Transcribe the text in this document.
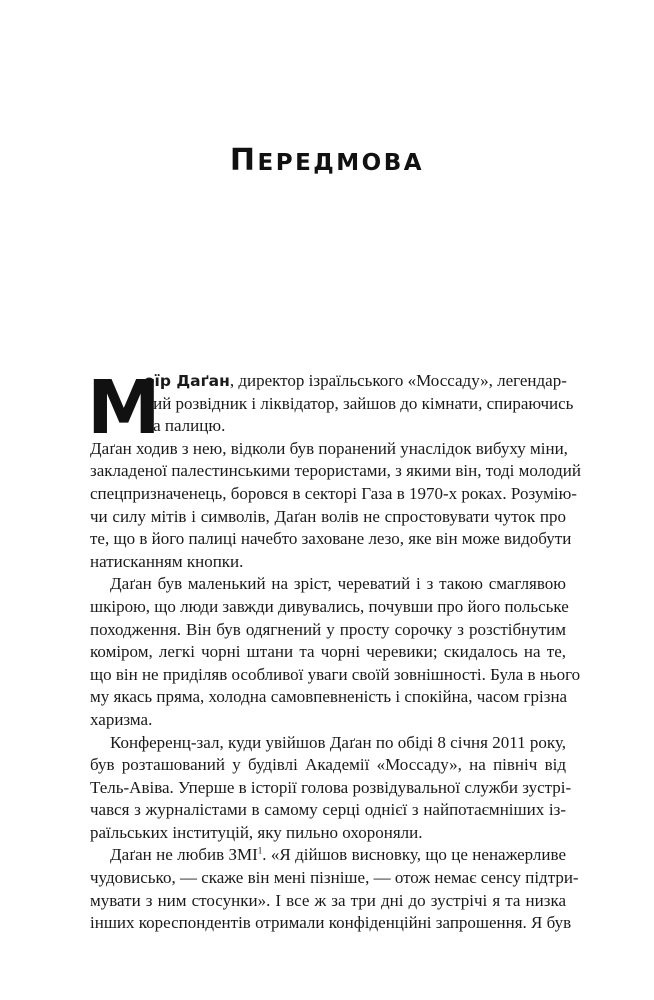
ПЕРЕДМОВА
М
еїр Даґан, директор ізраїльського «Моссаду», легендар-
ний розвідник і ліквідатор, зайшов до кімнати, спираючись
на палицю.
Даґан ходив з нею, відколи був поранений унаслідок вибуху міни,
закладеної палестинськими терористами, з якими він, тоді молодий
спецпризначенець, боровся в секторі Газа в 1970-х роках. Розумію-
чи силу мітів і символів, Даґан волів не спростовувати чуток про
те, що в його палиці начебто заховане лезо, яке він може видобути
натисканням кнопки.
Даґан був маленький на зріст, череватий і з такою смаглявою
шкірою, що люди завжди дивувались, почувши про його польське
походження. Він був одягнений у просту сорочку з розстібнутим
коміром, легкі чорні штани та чорні черевики; скидалось на те,
що він не приділяв особливої уваги своїй зовнішності. Була в нього
му якась пряма, холодна самовпевненість і спокійна, часом грізна
харизма.
Конференц-зал, куди увійшов Даґан по обіді 8 січня 2011 року,
був розташований у будівлі Академії «Моссаду», на північ від
Тель-Авіва. Уперше в історії голова розвідувальної служби зустрі-
чався з журналістами в самому серці однієї з найпотаємніших із-
раїльських інституцій, яку пильно охороняли.
Даґан не любив ЗМІ$^1$. «Я дійшов висновку, що це ненажерливе
чудовисько, — скаже він мені пізніше, — отож немає сенсу підтри-
мувати з ним стосунки». І все ж за три дні до зустрічі я та низка
інших кореспондентів отримали конфіденційні запрошення. Я був
